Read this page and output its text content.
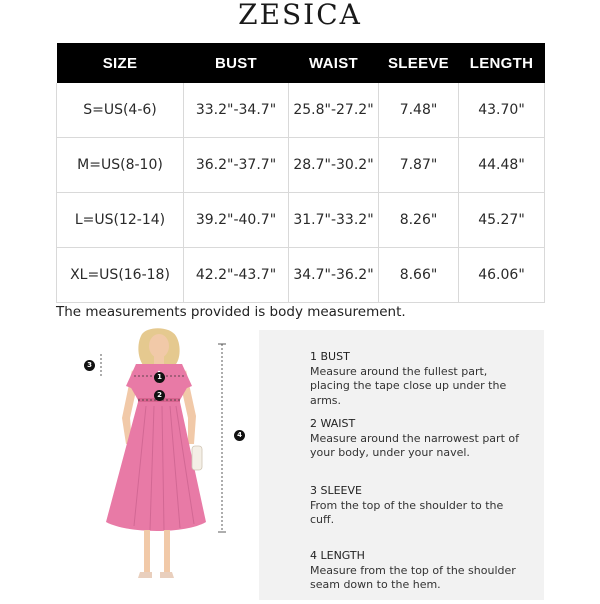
ZESICA
SIZE	BUST	WAIST	SLEEVE	LENGTH
S=US(4-6)	33.2"-34.7"	25.8"-27.2"	7.48"	43.70"
M=US(8-10)	36.2"-37.7"	28.7"-30.2"	7.87"	44.48"
L=US(12-14)	39.2"-40.7"	31.7"-33.2"	8.26"	45.27"
XL=US(16-18)	42.2"-43.7"	34.7"-36.2"	8.66"	46.06"
The measurements provided is body measurement.
1
2
3
4
1 BUST
Measure around the fullest part, placing the tape close up under the arms.
2 WAIST
Measure around the narrowest part of your body, under your navel.
3 SLEEVE
From the top of the shoulder to the cuff.
4 LENGTH
Measure from the top of the shoulder seam down to the hem.
